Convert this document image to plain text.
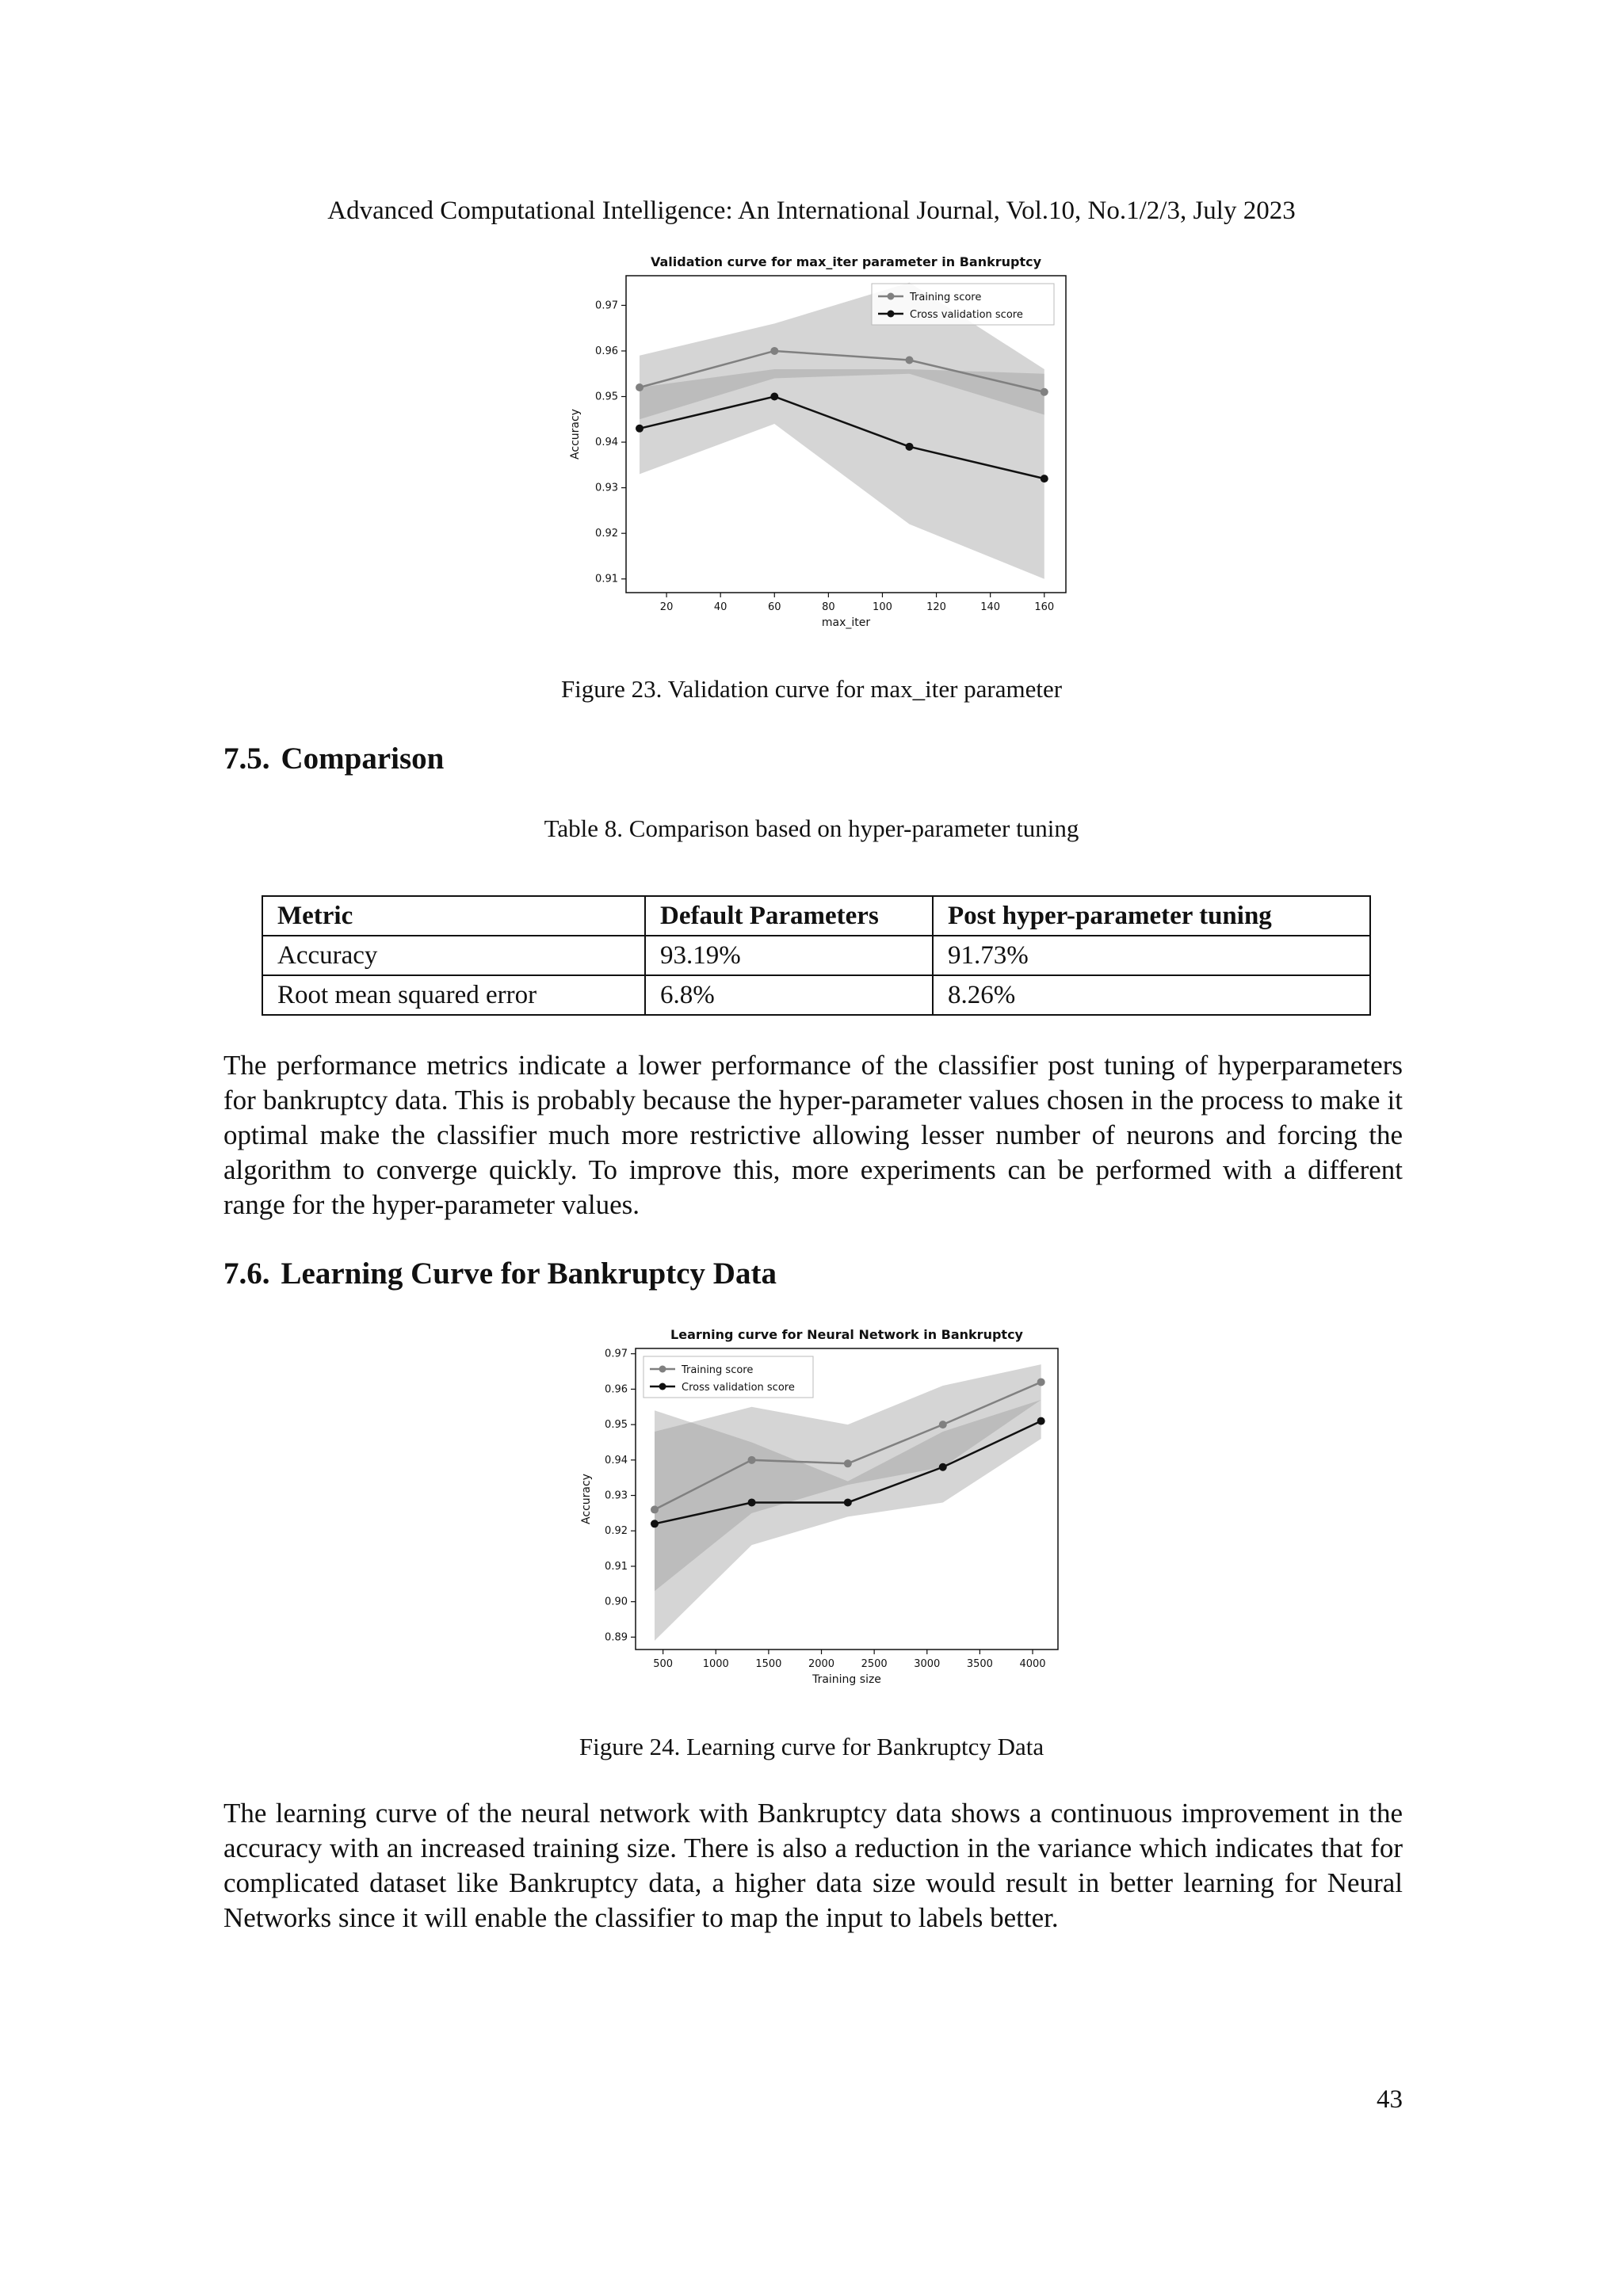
Advanced Computational Intelligence: An International Journal, Vol.10, No.1/2/3, July 2023
Validation curve for max_iter parameter in Bankruptcy
20	40	60	80	100	120	140	160
0.91
0.92
0.93
0.94
0.95
0.96
0.97
max_iter
Accuracy
Training score
Cross validation score
Figure 23. Validation curve for max_iter parameter
7.5. Comparison
Table 8. Comparison based on hyper-parameter tuning
Metric	Default Parameters	Post hyper-parameter tuning
Accuracy	93.19%	91.73%
Root mean squared error	6.8%	8.26%

The performance metrics indicate a lower performance of the classifier post tuning of hyperparameters for bankruptcy data. This is probably because the hyper-parameter values chosen in the process to make it optimal make the classifier much more restrictive allowing lesser number of neurons and forcing the algorithm to converge quickly. To improve this, more experiments can be performed with a different range for the hyper-parameter values.

7.6. Learning Curve for Bankruptcy Data
Learning curve for Neural Network in Bankruptcy
500	1000	1500	2000	2500	3000	3500	4000
0.89
0.90
0.91
0.92
0.93
0.94
0.95
0.96
0.97
Training size
Accuracy
Training score
Cross validation score
Figure 24. Learning curve for Bankruptcy Data

The learning curve of the neural network with Bankruptcy data shows a continuous improvement in the accuracy with an increased training size. There is also a reduction in the variance which indicates that for complicated dataset like Bankruptcy data, a higher data size would result in better learning for Neural Networks since it will enable the classifier to map the input to labels better.

43
